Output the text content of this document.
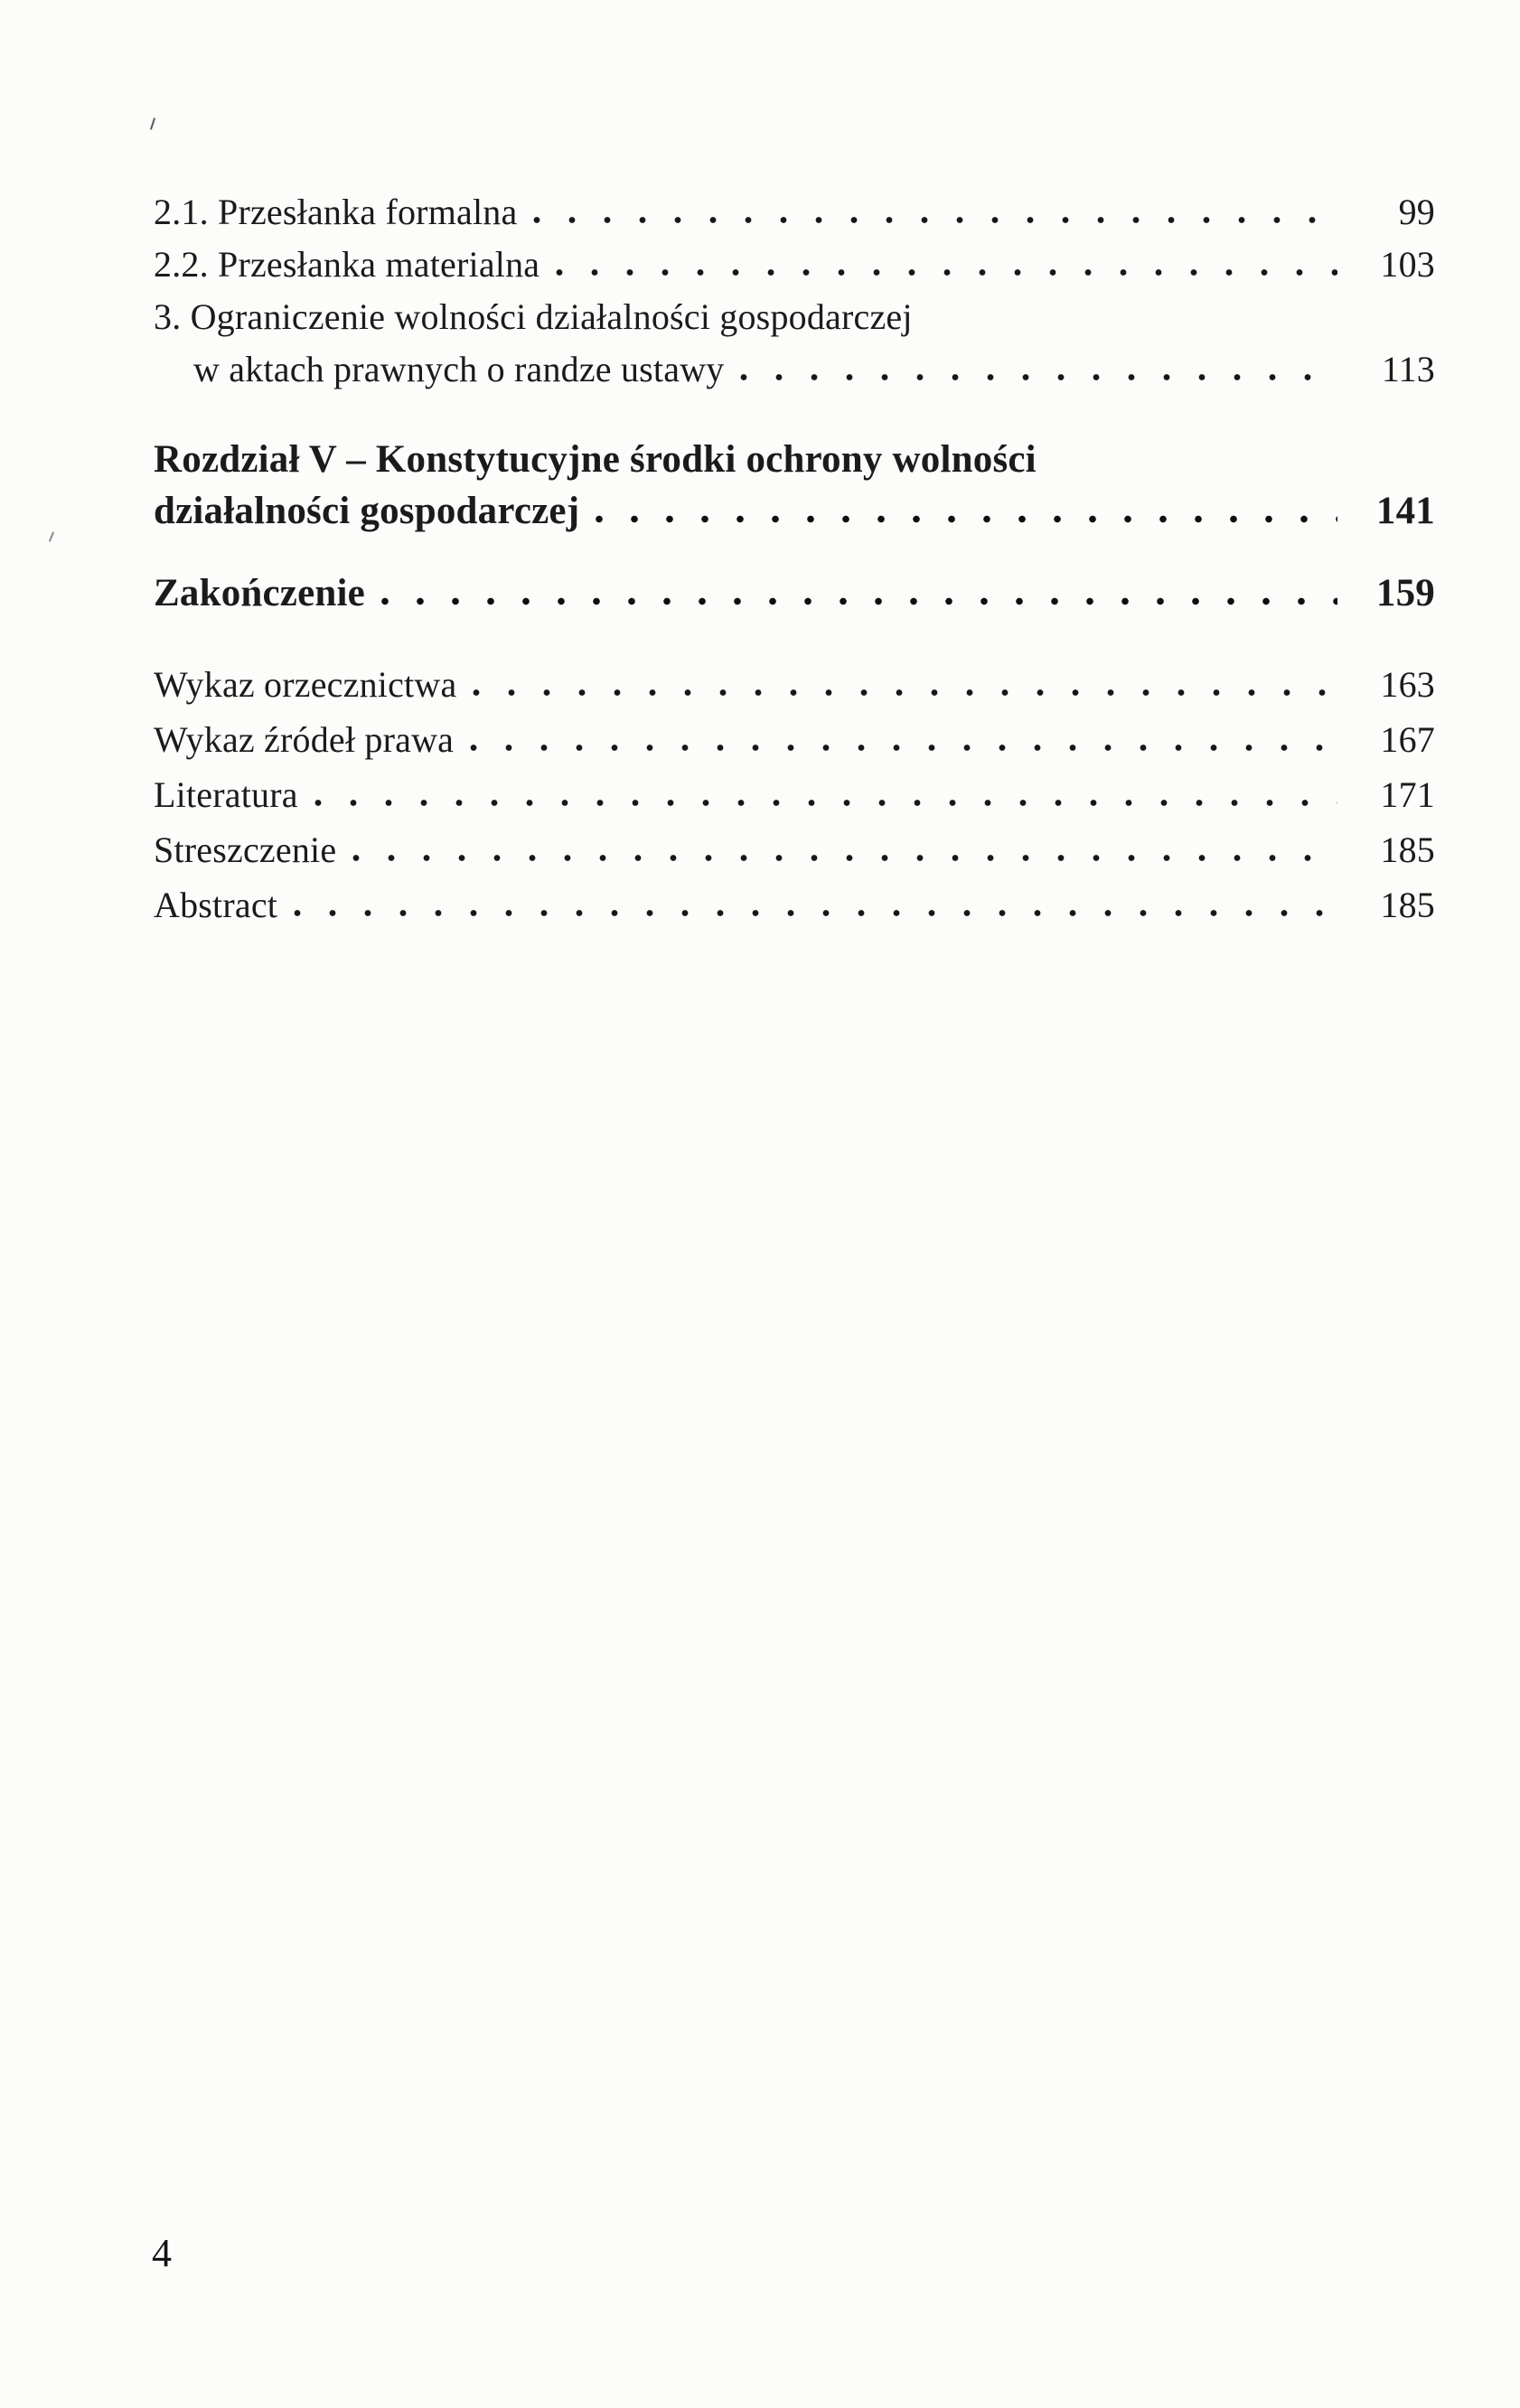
2.1. Przesłanka formalna	99
2.2. Przesłanka materialna	103
3. Ograniczenie wolności działalności gospodarczej
w aktach prawnych o randze ustawy	113
Rozdział V – Konstytucyjne środki ochrony wolności
działalności gospodarczej	141
Zakończenie	159
Wykaz orzecznictwa	163
Wykaz źródeł prawa	167
Literatura	171
Streszczenie	185
Abstract	185
4
